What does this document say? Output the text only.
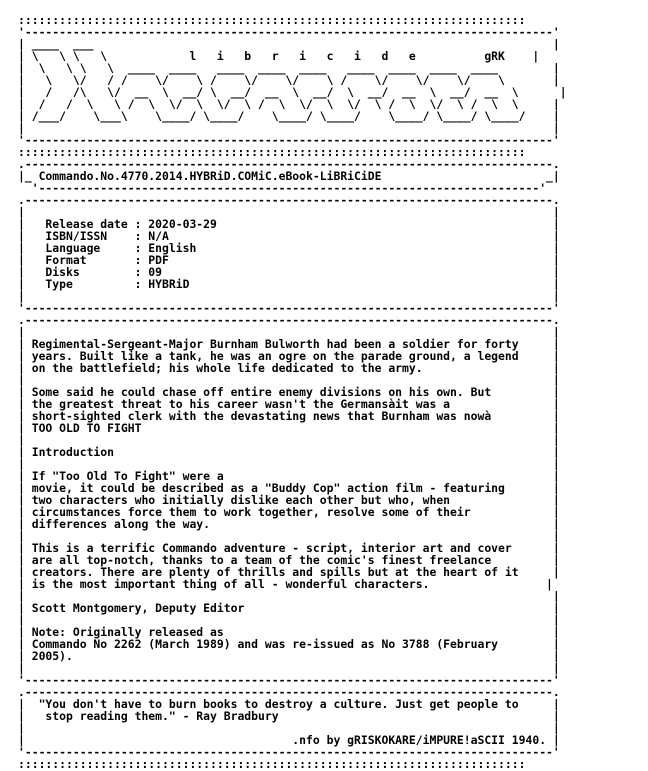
::::::::::::::::::::::::::::::::::::::::::::::::::::::::::::::::::::::::::
'-----------------------------------------------------------------------------'
| ____  ___                                                                   |
| \   \ \   \            l   i   b   r   i   c   i   d   e          gRK    |
|  \   \ \   \  ____  ____   ____  ____  ____   ____  ____  ____  ____        |
|   \   \/   / /    \/    \ /    \/    \/    \ /    \/    \/    \/    \       |
|   /   /\   \/  __  \  __/ \  __/  __  \  __/  \  __/  __  \  __/  __  \      |
|  /   /  \   \ /  \  \/  \  \/  \ /  \  \/  \  \/  \ /  \  \/  \ /  \  \     |
| /___/    \___\    \____/ \____/    \____/ \____/    \____/ \____/ \____/    |
|                                                                             |
'-----------------------------------------------------------------------------'
::::::::::::::::::::::::::::::::::::::::::::::::::::::::::::::::::::::::::
.-----------------------------------------------------------------------------.
|_ Commando.No.4770.2014.HYBRiD.COMiC.eBook-LiBRiCiDE                        _|
'-------------------------------------------------------------------------'
.-----------------------------------------------------------------------------.
|                                                                             |
|   Release date : 2020-03-29                                                 |
|   ISBN/ISSN    : N/A                                                        |
|   Language     : English                                                    |
|   Format       : PDF                                                        |
|   Disks        : 09                                                         |
|   Type         : HYBRiD                                                     |
|                                                                             |
'-----------------------------------------------------------------------------'
.-----------------------------------------------------------------------------.
|                                                                             |
| Regimental-Sergeant-Major Burnham Bulworth had been a soldier for forty     |
| years. Built like a tank, he was an ogre on the parade ground, a legend     |
| on the battlefield; his whole life dedicated to the army.                   |
|                                                                             |
| Some said he could chase off entire enemy divisions on his own. But         |
| the greatest threat to his career wasn't the Germansàit was a               |
| short-sighted clerk with the devastating news that Burnham was nowà         |
| TOO OLD TO FIGHT                                                            |
|                                                                             |
| Introduction                                                                |
|                                                                             |
| If "Too Old To Fight" were a                                                |
| movie, it could be described as a "Buddy Cop" action film - featuring       |
| two characters who initially dislike each other but who, when               |
| circumstances force them to work together, resolve some of their            |
| differences along the way.                                                  |
|                                                                             |
| This is a terrific Commando adventure - script, interior art and cover      |
| are all top-notch, thanks to a team of the comic's finest freelance         |
| creators. There are plenty of thrills and spills but at the heart of it     |
| is the most important thing of all - wonderful characters.                 |
|                                                                             |
| Scott Montgomery, Deputy Editor                                             |
|                                                                             |
| Note: Originally released as                                                |
| Commando No 2262 (March 1989) and was re-issued as No 3788 (February        |
| 2005).                                                                      |
|                                                                             |
'-----------------------------------------------------------------------------'
.-----------------------------------------------------------------------------.
|  "You don't have to burn books to destroy a culture. Just get people to     |
|   stop reading them." - Ray Bradbury                                        |
|                                                                             |
|                                       .nfo by gRISKOKARE/iMPURE!aSCII 1940. |
'-----------------------------------------------------------------------------'
::::::::::::::::::::::::::::::::::::::::::::::::::::::::::::::::::::::::::
